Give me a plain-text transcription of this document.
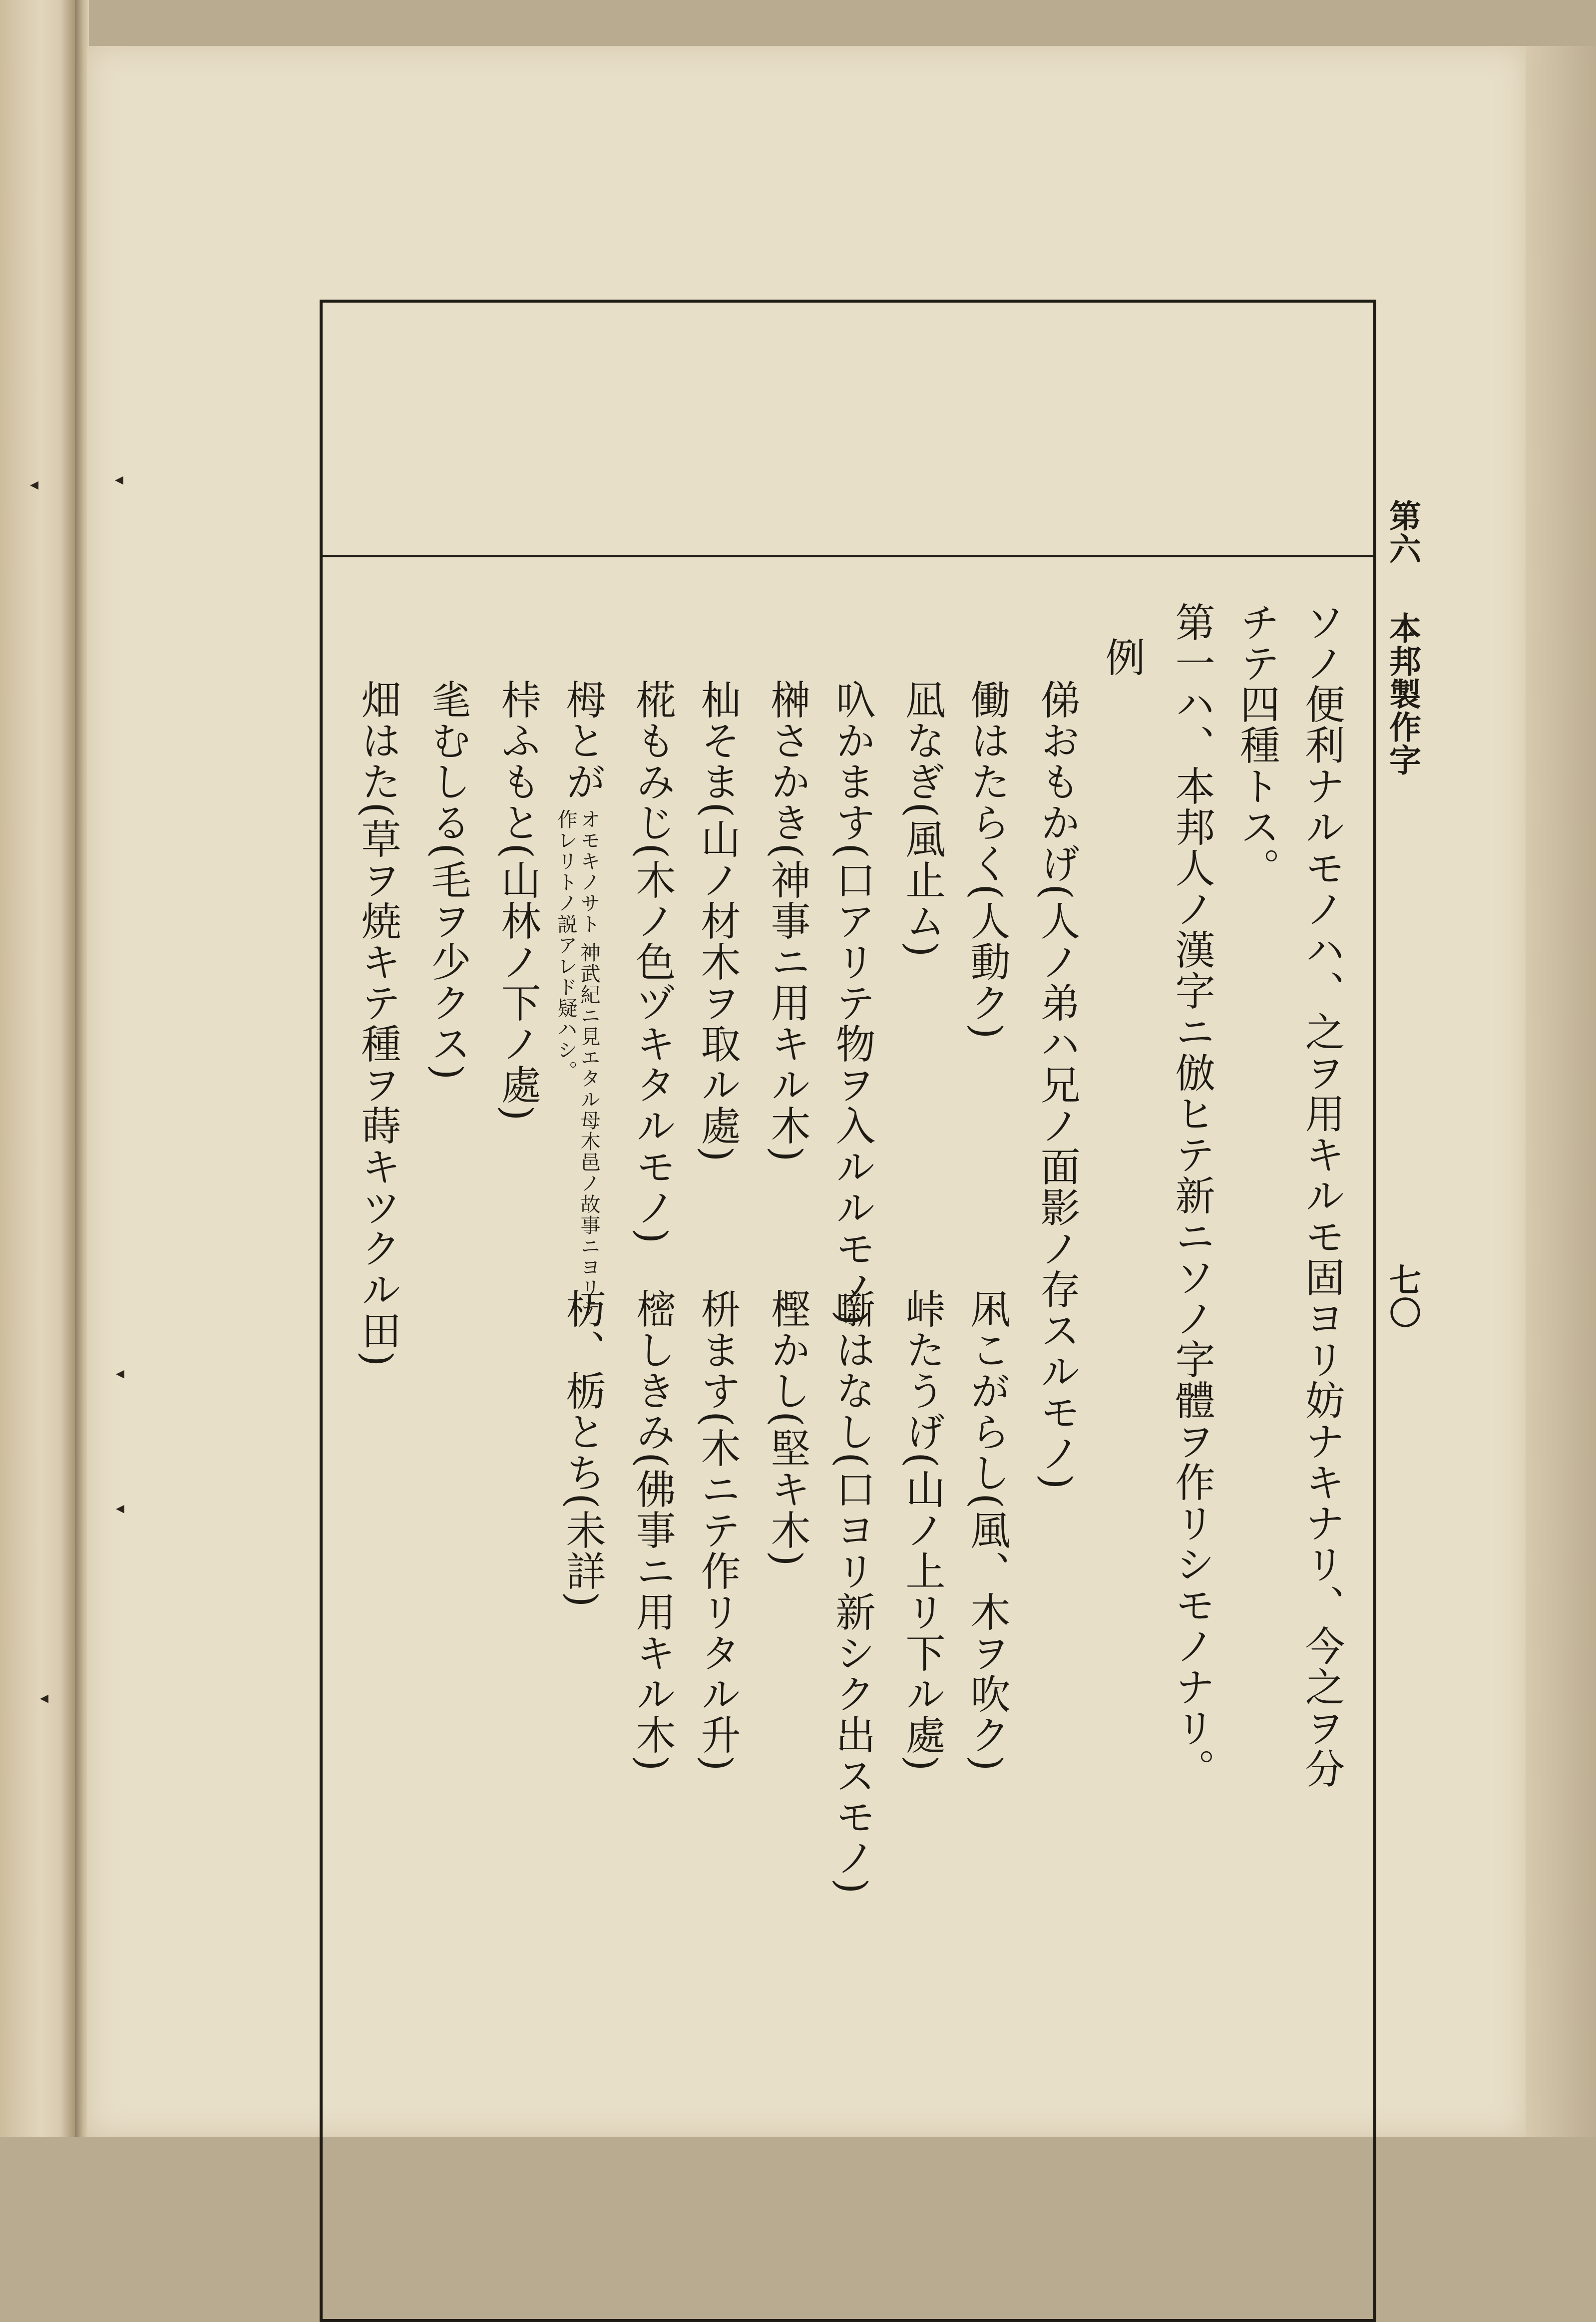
◂	◂
◂
◂
◂
第六
本邦製作字
七〇
ソノ便利ナルモノハ、之ヲ用キルモ固ヨリ妨ナキナリ、今之ヲ分
チテ四種トス。
第一ハ、本邦人ノ漢字ニ倣ヒテ新ニソノ字體ヲ作リシモノナリ。
例
俤おもかげ(人ノ弟ハ兄ノ面影ノ存スルモノ)
働はたらく(人動ク)
凪なぎ(風止ム)
叺かます(口アリテ物ヲ入ルルモノ)
榊さかき(神事ニ用キル木)
杣そま(山ノ材木ヲ取ル處)
椛もみじ(木ノ色ヅキタルモノ)
栂とが
オモキノサト 神武紀ニ見エタル母木邑ノ故事ニヨリテ
作レリトノ説アレド疑ハシ。
桛ふもと(山林ノ下ノ處)
毟むしる(毛ヲ少クス)
畑はた(草ヲ焼キテ種ヲ蒔キツクル田)
凩こがらし(風、木ヲ吹ク)
峠たうげ(山ノ上リ下ル處)
噺はなし(口ヨリ新シク出スモノ)
樫かし(堅キ木)
枡ます(木ニテ作リタル升)
樒しきみ(佛事ニ用キル木)
杤、栃とち(未詳)
